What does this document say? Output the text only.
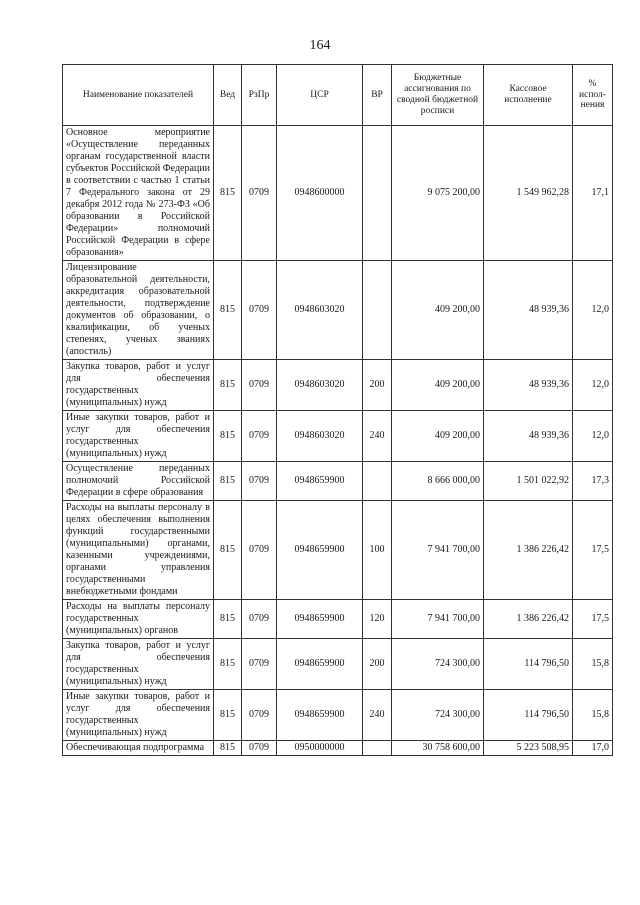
164
Наименование показателей	Вед	РзПр	ЦСР	ВР	Бюджетные ассигнования по сводной бюджетной росписи	Кассовое исполнение	% испол-нения
Основное мероприятие «Осуществление переданных органам государственной власти субъектов Российской Федерации в соответствии с частью 1 статьи 7 Федерального закона от 29 декабря 2012 года № 273-ФЗ «Об образовании в Российской Федерации» полномочий Российской Федерации в сфере образования»	815	0709	0948600000		9 075 200,00	1 549 962,28	17,1
Лицензирование образовательной деятельности, аккредитация образовательной деятельности, подтверждение документов об образовании, о квалификации, об ученых степенях, ученых званиях (апостиль)	815	0709	0948603020		409 200,00	48 939,36	12,0
Закупка товаров, работ и услуг для обеспечения государственных (муниципальных) нужд	815	0709	0948603020	200	409 200,00	48 939,36	12,0
Иные закупки товаров, работ и услуг для обеспечения государственных (муниципальных) нужд	815	0709	0948603020	240	409 200,00	48 939,36	12,0
Осуществление переданных полномочий Российской Федерации в сфере образования	815	0709	0948659900		8 666 000,00	1 501 022,92	17,3
Расходы на выплаты персоналу в целях обеспечения выполнения функций государственными (муниципальными) органами, казенными учреждениями, органами управления государственными внебюджетными фондами	815	0709	0948659900	100	7 941 700,00	1 386 226,42	17,5
Расходы на выплаты персоналу государственных (муниципальных) органов	815	0709	0948659900	120	7 941 700,00	1 386 226,42	17,5
Закупка товаров, работ и услуг для обеспечения государственных (муниципальных) нужд	815	0709	0948659900	200	724 300,00	114 796,50	15,8
Иные закупки товаров, работ и услуг для обеспечения государственных (муниципальных) нужд	815	0709	0948659900	240	724 300,00	114 796,50	15,8
Обеспечивающая подпрограмма	815	0709	0950000000		30 758 600,00	5 223 508,95	17,0
